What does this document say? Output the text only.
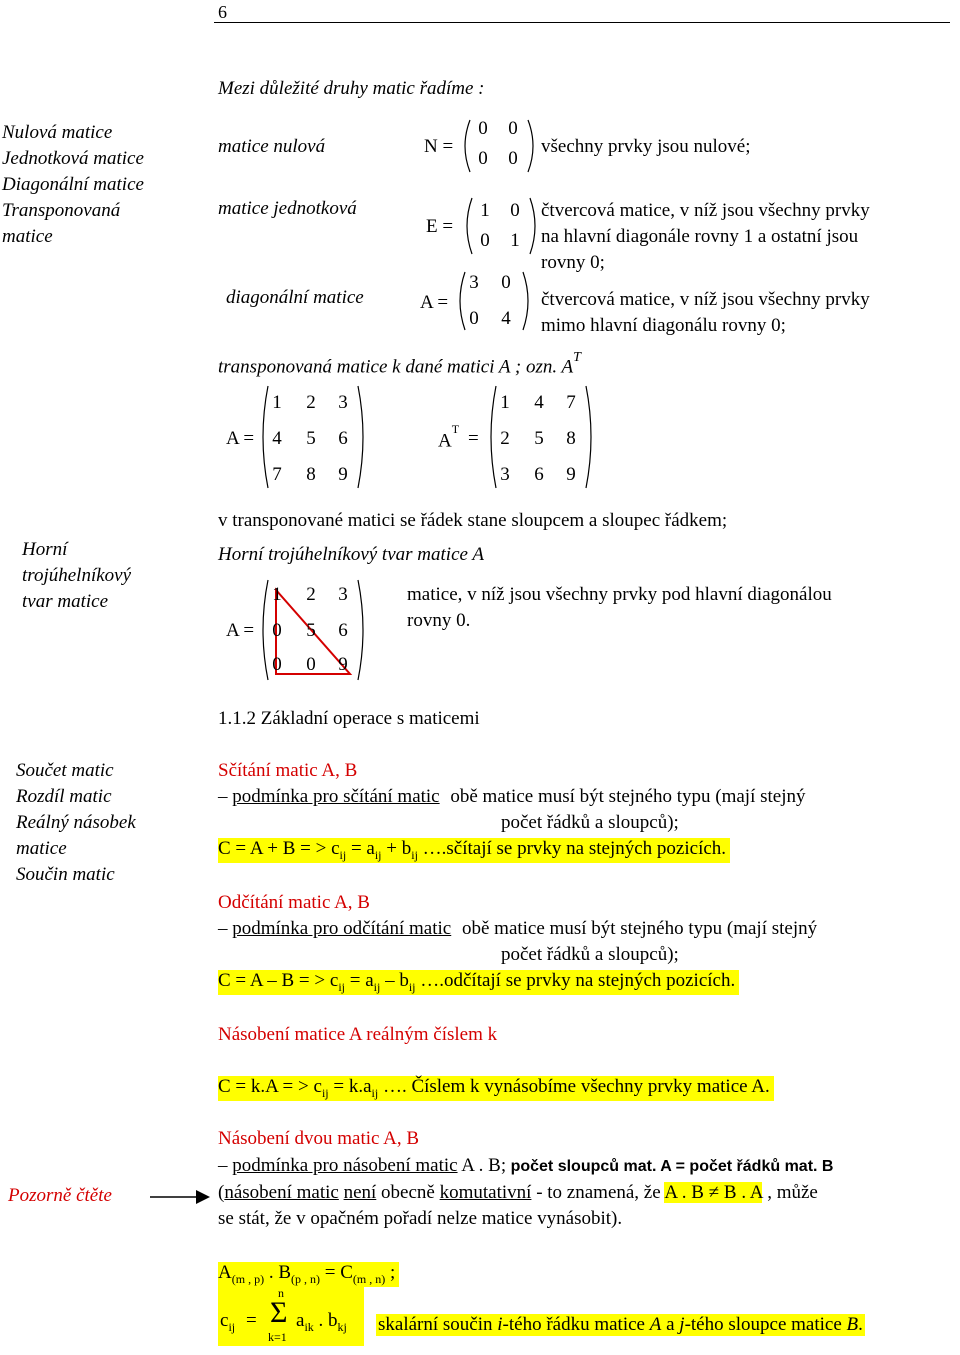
6
Nulová matice
Jednotková matice
Diagonální matice
Transponovaná
matice
Horní
trojúhelníkový
tvar matice
Součet matic
Rozdíl matic
Reálný násobek
matice
Součin matic
Pozorně čtěte
Mezi důležité druhy matic řadíme :
matice nulová	N =
0	0
0	0
všechny prvky jsou nulové;
matice jednotková
E =
1	0
0	1
čtvercová matice, v níž jsou všechny prvky
na hlavní diagonále rovny 1 a ostatní jsou
rovny 0;
diagonální matice	A =
3	0
0	4
čtvercová matice, v níž jsou všechny prvky
mimo hlavní diagonálu rovny 0;
transponovaná matice k dané matici A ; ozn. $A^T$
A =
1	2	3
4	5	6
7	8	9
$A^T$ =
1	4	7
2	5	8
3	6	9
v transponované matici se řádek stane sloupcem a sloupec řádkem;
Horní trojúhelníkový tvar matice A
A =
1	2	3
0	5	6
0	0	9
matice, v níž jsou všechny prvky pod hlavní diagonálou
rovny 0.
1.1.2 Základní operace s maticemi
Sčítání matic A, B
– podmínka pro sčítání matic obě matice musí být stejného typu (mají stejný
počet řádků a sloupců);
C = A + B = > $c_{ij} = a_{ij} + b_{ij}$ ….sčítají se prvky na stejných pozicích.
Odčítání matic A, B
– podmínka pro odčítání matic obě matice musí být stejného typu (mají stejný
počet řádků a sloupců);
C = A – B = > $c_{ij} = a_{ij} - b_{ij}$ ….odčítají se prvky na stejných pozicích.
Násobení matice A reálným číslem k
C = k.A = > $c_{ij} = k.a_{ij}$ …. Číslem k vynásobíme všechny prvky matice A.
Násobení dvou matic A, B
– podmínka pro násobení matic A . B; počet sloupců mat. A = počet řádků mat. B
(násobení matic není obecně komutativní - to znamená, že A . B ≠ B . A , může
se stát, že v opačném pořadí nelze matice vynásobit).
$A_{(m , p)}$ . $B_{(p , n)} = C_{(m , n)}$ ;
$c_{ij}$ =
n
Σ
k=1
$a_{ik}$ . $b_{kj}$ skalární součin i-tého řádku matice A a j-tého sloupce matice B.
